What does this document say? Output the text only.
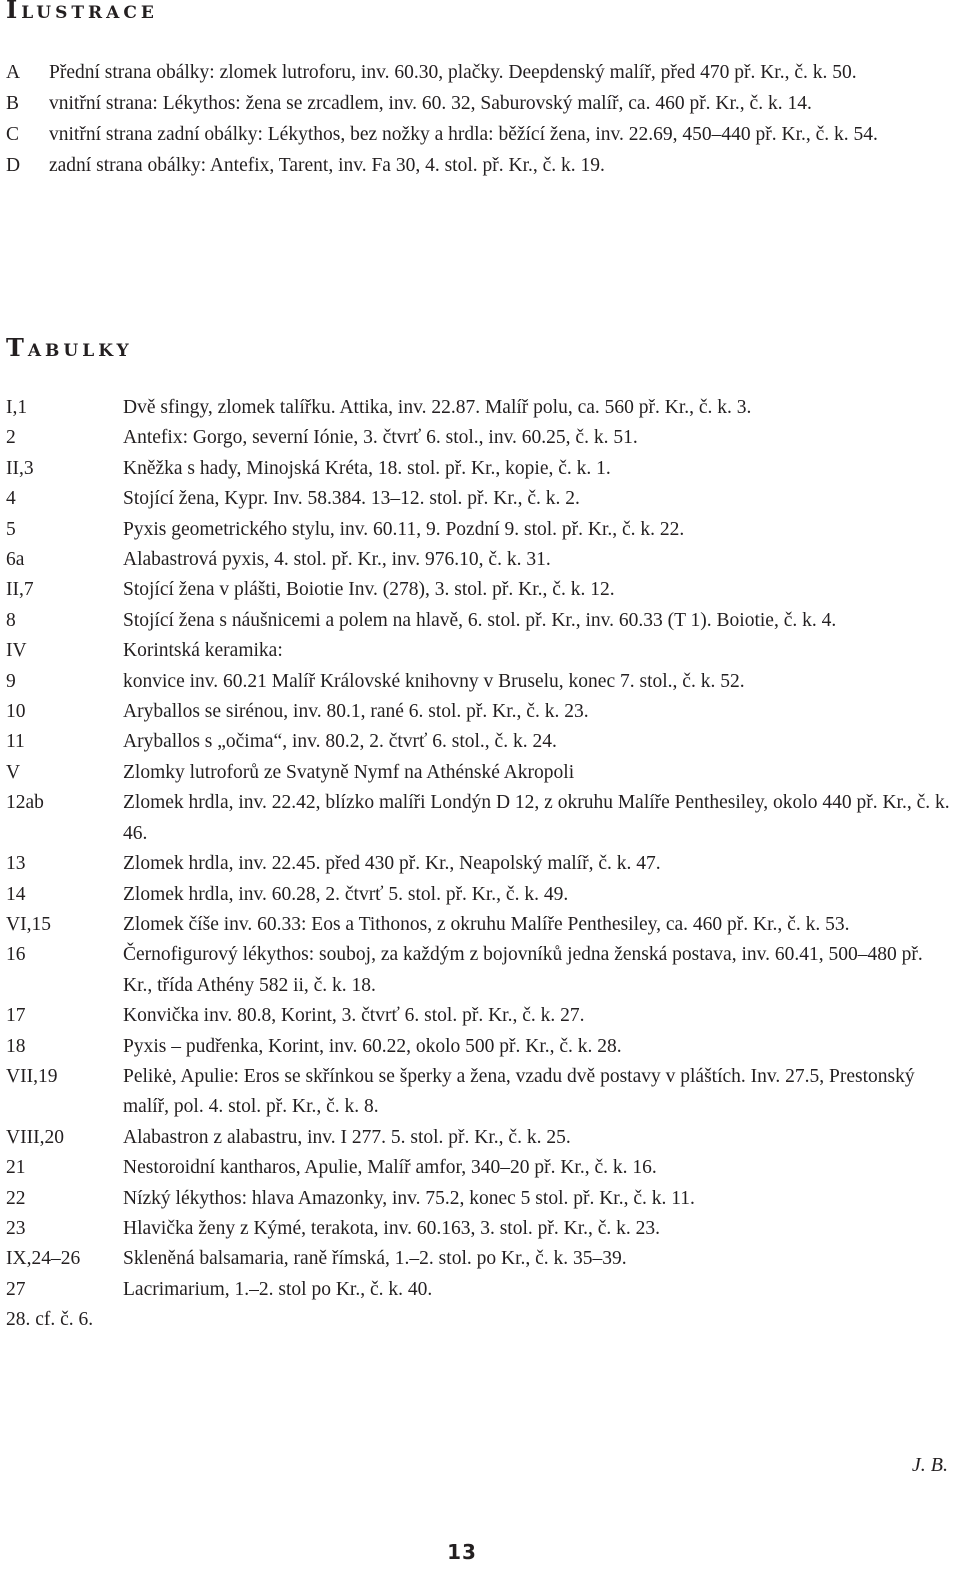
Ilustrace
A	Přední strana obálky: zlomek lutroforu, inv. 60.30, plačky. Deepdenský malíř, před 470 př. Kr., č. k. 50.
B	vnitřní strana: Lékythos: žena se zrcadlem, inv. 60. 32, Saburovský malíř, ca. 460 př. Kr., č. k. 14.
C	vnitřní strana zadní obálky: Lékythos, bez nožky a hrdla: běžící žena, inv. 22.69, 450–440 př. Kr., č. k. 54.
D	zadní strana obálky: Antefix, Tarent, inv. Fa 30, 4. stol. př. Kr., č. k. 19.
Tabulky
I,1	Dvě sfingy, zlomek talířku. Attika, inv. 22.87. Malíř polu, ca. 560 př. Kr., č. k. 3.
2	Antefix: Gorgo, severní Iónie, 3. čtvrť 6. stol., inv. 60.25, č. k. 51.
II,3	Kněžka s hady, Minojská Kréta, 18. stol. př. Kr., kopie, č. k. 1.
4	Stojící žena, Kypr. Inv. 58.384. 13–12. stol. př. Kr., č. k. 2.
5	Pyxis geometrického stylu, inv. 60.11, 9. Pozdní 9. stol. př. Kr., č. k. 22.
6a	Alabastrová pyxis, 4. stol. př. Kr., inv. 976.10, č. k. 31.
II,7	Stojící žena v plášti, Boiotie Inv. (278), 3. stol. př. Kr., č. k. 12.
8	Stojící žena s náušnicemi a polem na hlavě, 6. stol. př. Kr., inv. 60.33 (T 1). Boiotie, č. k. 4.
IV	Korintská keramika:
9	konvice inv. 60.21 Malíř Královské knihovny v Bruselu, konec 7. stol., č. k. 52.
10	Aryballos se sirénou, inv. 80.1, rané 6. stol. př. Kr., č. k. 23.
11	Aryballos s „očima“, inv. 80.2, 2. čtvrť 6. stol., č. k. 24.
V	Zlomky lutroforů ze Svatyně Nymf na Athénské Akropoli
12ab	Zlomek hrdla, inv. 22.42, blízko malíři Londýn D 12, z okruhu Malíře Penthesiley, okolo 440 př. Kr., č. k. 46.
13	Zlomek hrdla, inv. 22.45. před 430 př. Kr., Neapolský malíř, č. k. 47.
14	Zlomek hrdla, inv. 60.28, 2. čtvrť 5. stol. př. Kr., č. k. 49.
VI,15	Zlomek číše inv. 60.33: Eos a Tithonos, z okruhu Malíře Penthesiley, ca. 460 př. Kr., č. k. 53.
16	Černofigurový lékythos: souboj, za každým z bojovníků jedna ženská postava, inv. 60.41, 500–480 př. Kr., třída Athény 582 ii, č. k. 18.
17	Konvička inv. 80.8, Korint, 3. čtvrť 6. stol. př. Kr., č. k. 27.
18	Pyxis – pudřenka, Korint, inv. 60.22, okolo 500 př. Kr., č. k. 28.
VII,19	Pelikė, Apulie: Eros se skřínkou se šperky a žena, vzadu dvě postavy v pláštích. Inv. 27.5, Prestonský malíř, pol. 4. stol. př. Kr., č. k. 8.
VIII,20	Alabastron z alabastru, inv. I 277. 5. stol. př. Kr., č. k. 25.
21	Nestoroidní kantharos, Apulie, Malíř amfor, 340–20 př. Kr., č. k. 16.
22	Nízký lékythos: hlava Amazonky, inv. 75.2, konec 5 stol. př. Kr., č. k. 11.
23	Hlavička ženy z Kýmé, terakota, inv. 60.163, 3. stol. př. Kr., č. k. 23.
IX,24–26	Skleněná balsamaria, raně římská, 1.–2. stol. po Kr., č. k. 35–39.
27	Lacrimarium, 1.–2. stol po Kr., č. k. 40.
28. cf. č. 6.
J. B.
13
